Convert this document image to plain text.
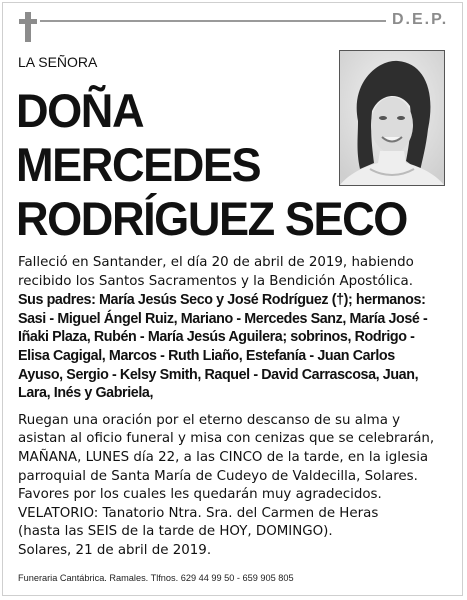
D.E.P.
LA SEÑORA
DOÑA
MERCEDES
RODRÍGUEZ SECO

Falleció en Santander, el día 20 de abril de 2019, habiendo
recibido los Santos Sacramentos y la Bendición Apostólica.

Sus padres: María Jesús Seco y José Rodríguez (†); hermanos:
Sasi - Miguel Ángel Ruiz, Mariano - Mercedes Sanz, María José -
Iñaki Plaza, Rubén - María Jesús Aguilera; sobrinos, Rodrigo -
Elisa Cagigal, Marcos - Ruth Liaño, Estefanía - Juan Carlos
Ayuso, Sergio - Kelsy Smith, Raquel - David Carrascosa, Juan,
Lara, Inés y Gabriela,

Ruegan una oración por el eterno descanso de su alma y
asistan al oficio funeral y misa con cenizas que se celebrarán,
MAÑANA, LUNES día 22, a las CINCO de la tarde, en la iglesia
parroquial de Santa María de Cudeyo de Valdecilla, Solares.
Favores por los cuales les quedarán muy agradecidos.
VELATORIO: Tanatorio Ntra. Sra. del Carmen de Heras
(hasta las SEIS de la tarde de HOY, DOMINGO).
Solares, 21 de abril de 2019.

Funeraria Cantábrica. Ramales. Tlfnos. 629 44 99 50 - 659 905 805
